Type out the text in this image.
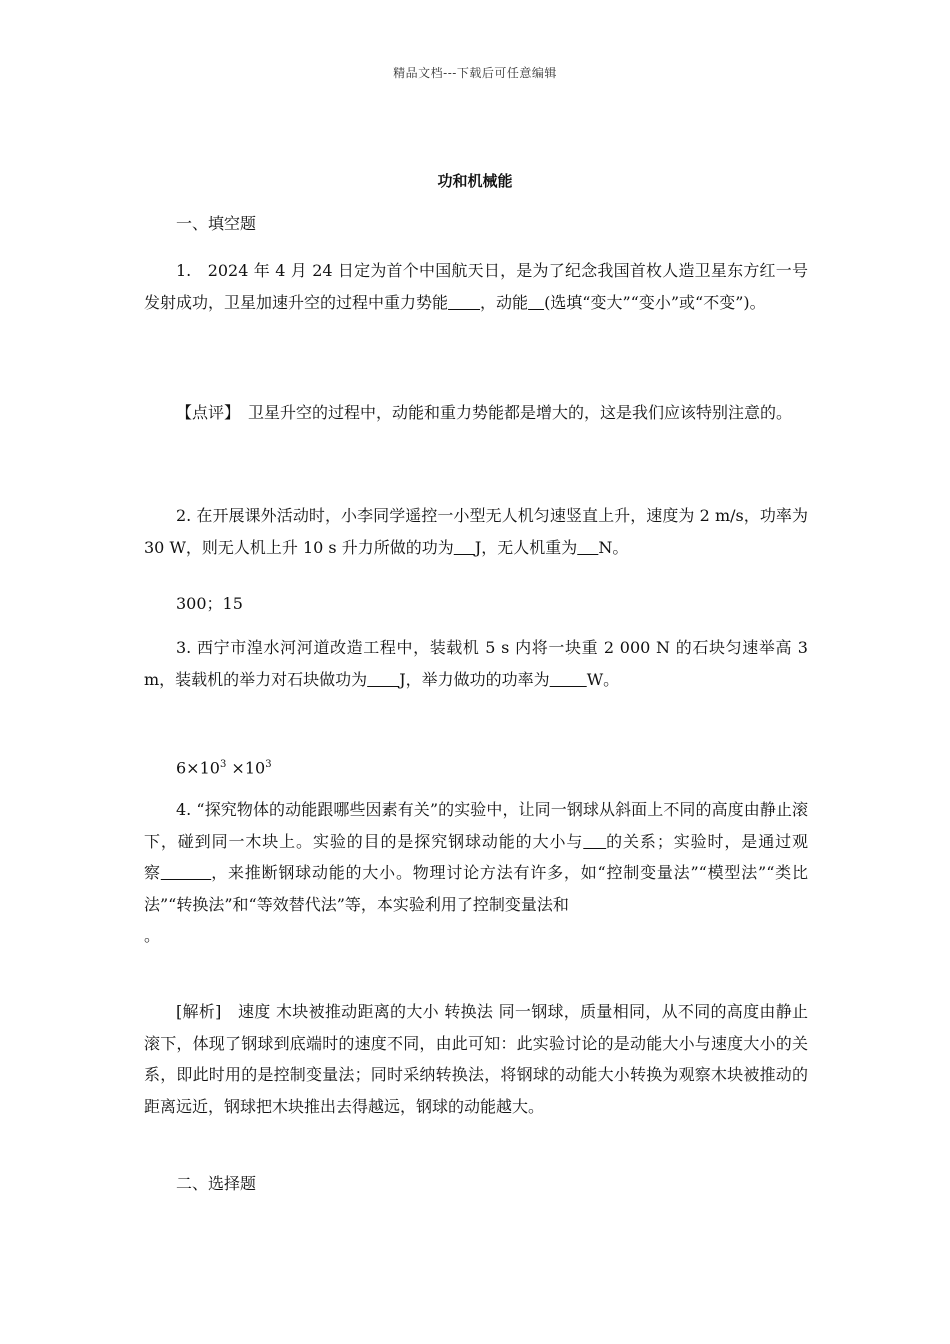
精品文档---下载后可任意编辑
功和机械能

一、填空题

1.　2024 年 4 月 24 日定为首个中国航天日，是为了纪念我国首枚人造卫星东方红一号发射成功，卫星加速升空的过程中重力势能　　 ，动能　 (选填“变大”“变小”或“不变”)。

【点评】　卫星升空的过程中，动能和重力势能都是增大的，这是我们应该特别注意的。

2. 在开展课外活动时，小李同学遥控一小型无人机匀速竖直上升，速度为 2 m/s，功率为 30 W，则无人机上升 10 s 升力所做的功为　 J，无人机重为　 N。

300；15

3. 西宁市湟水河河道改造工程中，装载机 5 s 内将一块重 2 000 N 的石块匀速举高 3 m，装载机的举力对石块做功为　　 J，举力做功的功率为　　 W。

$6\times 10^3 \times 10^3$

4. “探究物体的动能跟哪些因素有关”的实验中，让同一钢球从斜面上不同的高度由静止滚下，碰到同一木块上。实验的目的是探究钢球动能的大小与　 的关系；实验时，是通过观察　　　	，来推断钢球动能的大小。物理讨论方法有许多，如“控制变量法”“模型法”“类比法”“转换法”和“等效替代法”等，本实验利用了控制变量法和

。

[解析]　速度 木块被推动距离的大小 转换法 同一钢球，质量相同，从不同的高度由静止滚下，体现了钢球到底端时的速度不同，由此可知：此实验讨论的是动能大小与速度大小的关系，即此时用的是控制变量法；同时采纳转换法，将钢球的动能大小转换为观察木块被推动的距离远近，钢球把木块推出去得越远，钢球的动能越大。

二、选择题
